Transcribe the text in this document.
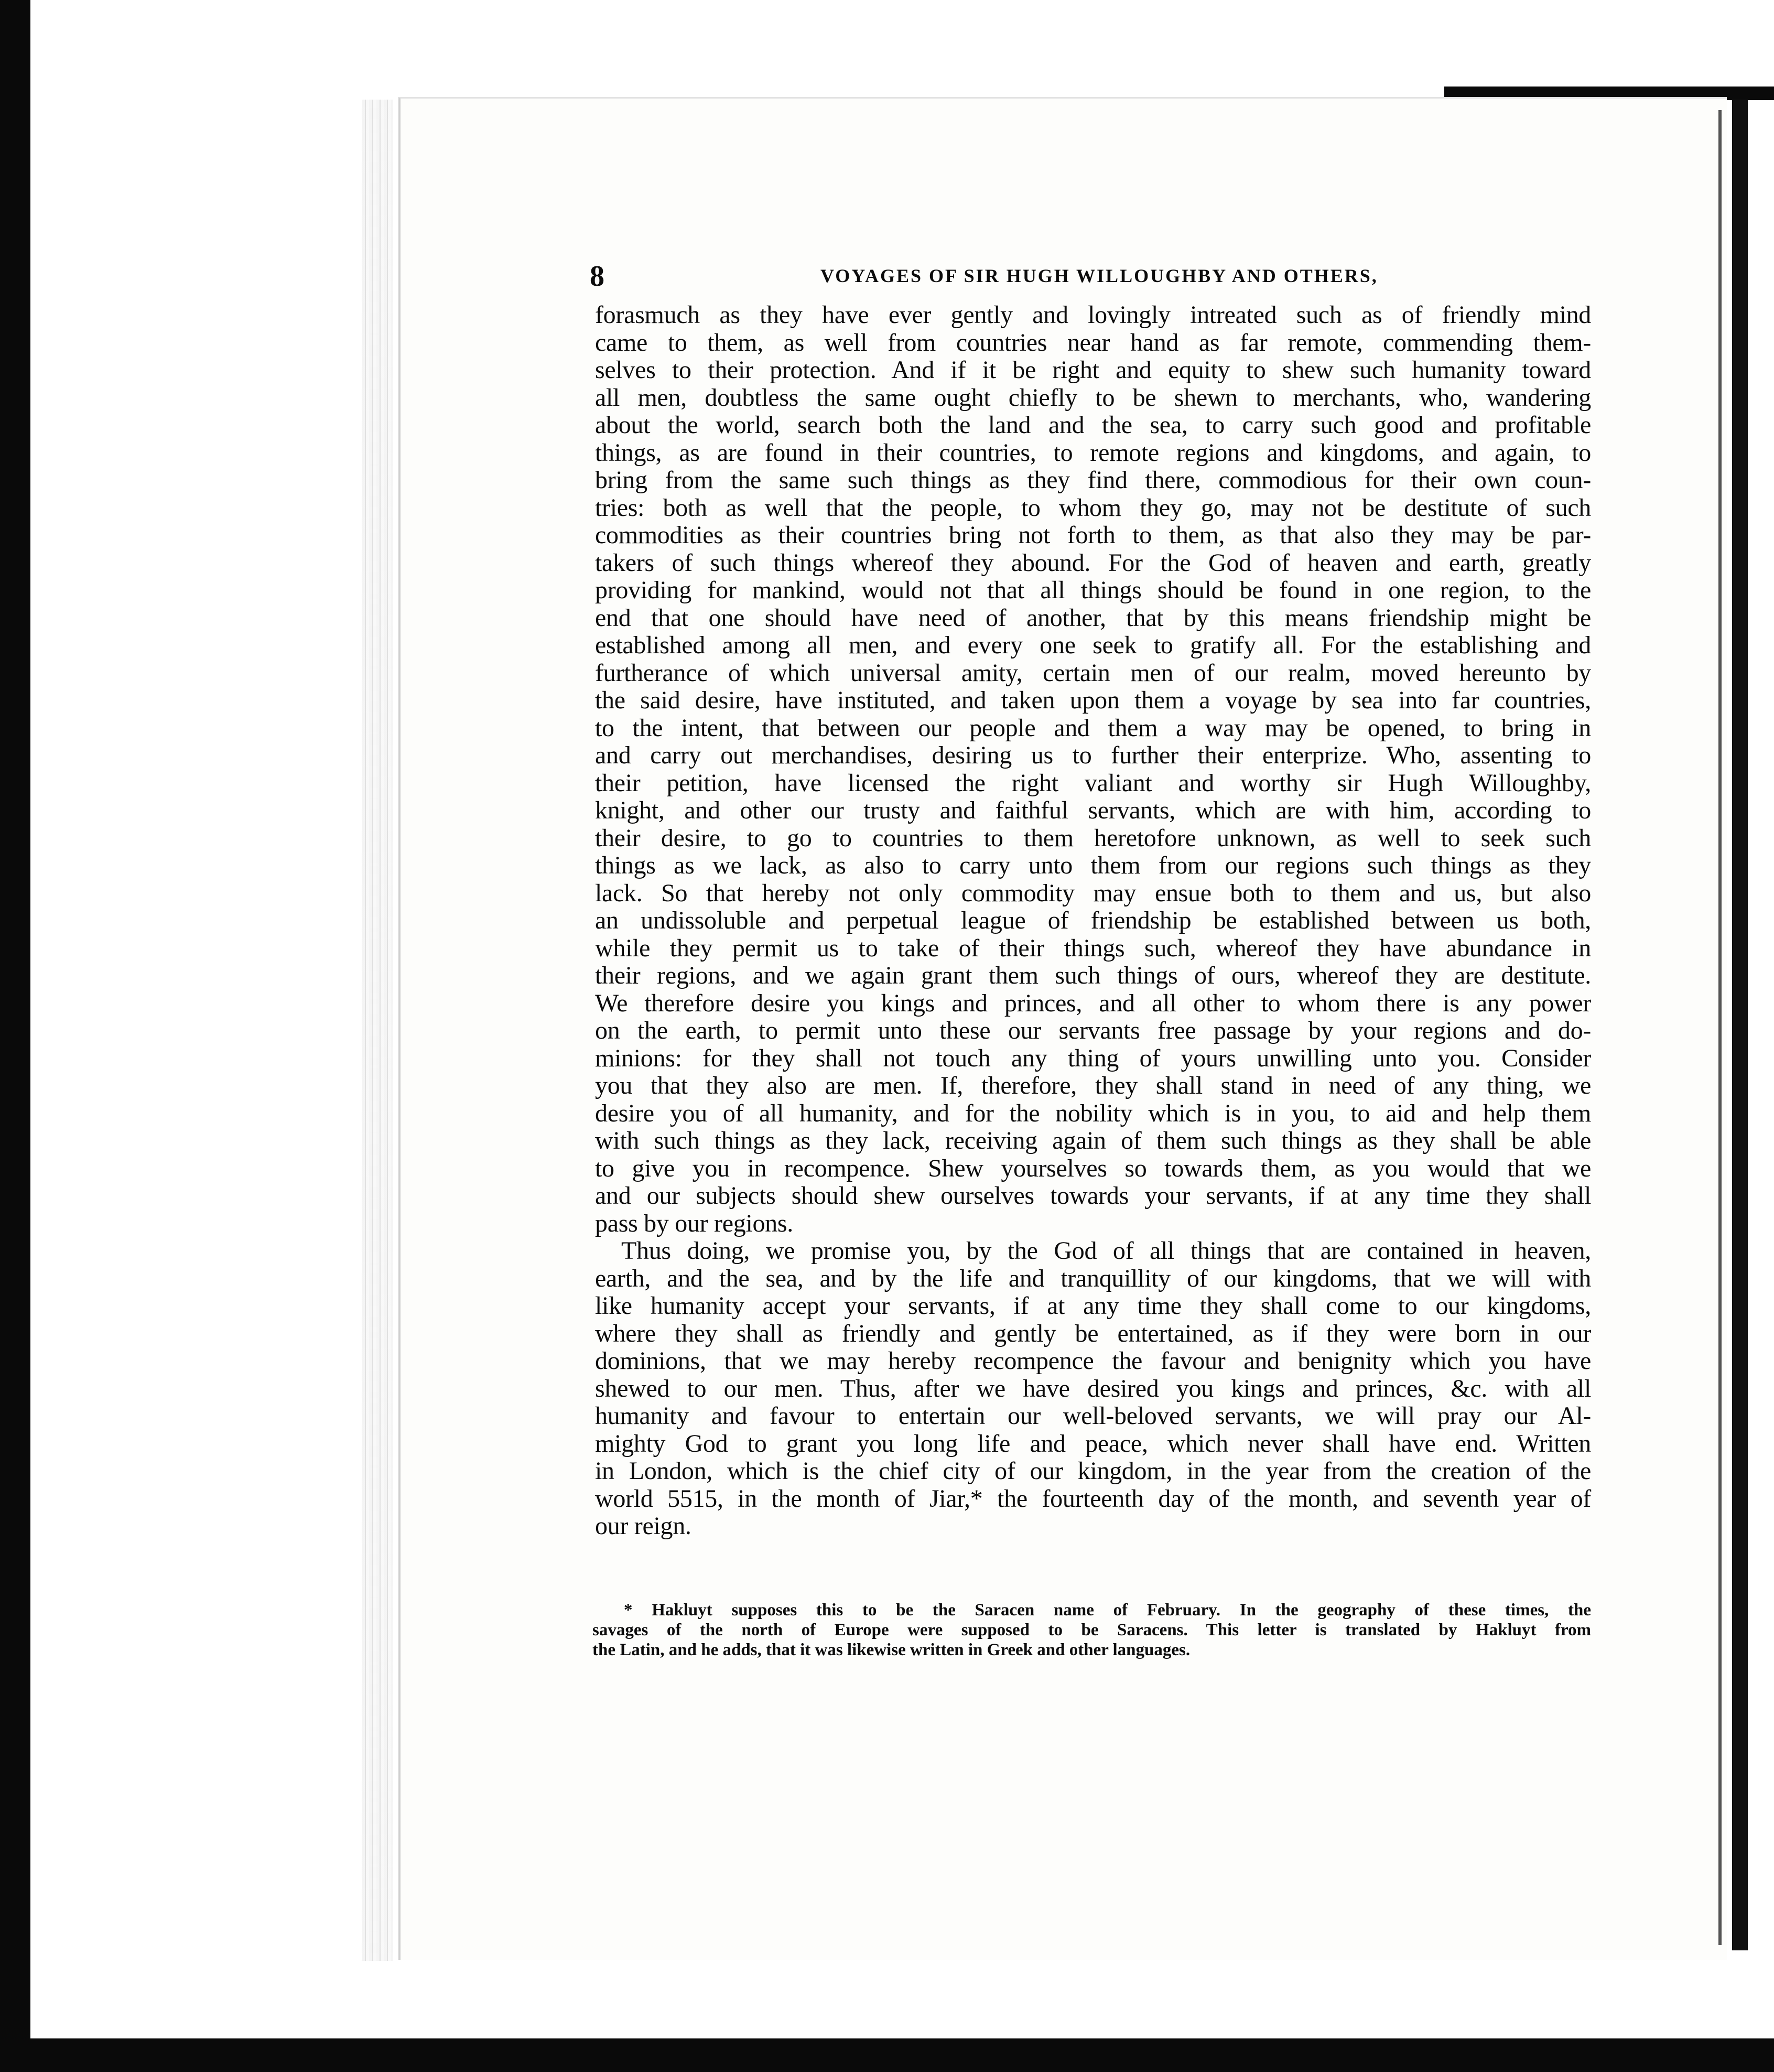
8	VOYAGES OF SIR HUGH WILLOUGHBY AND OTHERS,
forasmuch as they have ever gently and lovingly intreated such as of friendly mind
came to them, as well from countries near hand as far remote, commending them-
selves to their protection. And if it be right and equity to shew such humanity toward
all men, doubtless the same ought chiefly to be shewn to merchants, who, wandering
about the world, search both the land and the sea, to carry such good and profitable
things, as are found in their countries, to remote regions and kingdoms, and again, to
bring from the same such things as they find there, commodious for their own coun-
tries: both as well that the people, to whom they go, may not be destitute of such
commodities as their countries bring not forth to them, as that also they may be par-
takers of such things whereof they abound. For the God of heaven and earth, greatly
providing for mankind, would not that all things should be found in one region, to the
end that one should have need of another, that by this means friendship might be
established among all men, and every one seek to gratify all. For the establishing and
furtherance of which universal amity, certain men of our realm, moved hereunto by
the said desire, have instituted, and taken upon them a voyage by sea into far countries,
to the intent, that between our people and them a way may be opened, to bring in
and carry out merchandises, desiring us to further their enterprize. Who, assenting to
their petition, have licensed the right valiant and worthy sir Hugh Willoughby,
knight, and other our trusty and faithful servants, which are with him, according to
their desire, to go to countries to them heretofore unknown, as well to seek such
things as we lack, as also to carry unto them from our regions such things as they
lack. So that hereby not only commodity may ensue both to them and us, but also
an undissoluble and perpetual league of friendship be established between us both,
while they permit us to take of their things such, whereof they have abundance in
their regions, and we again grant them such things of ours, whereof they are destitute.
We therefore desire you kings and princes, and all other to whom there is any power
on the earth, to permit unto these our servants free passage by your regions and do-
minions: for they shall not touch any thing of yours unwilling unto you. Consider
you that they also are men. If, therefore, they shall stand in need of any thing, we
desire you of all humanity, and for the nobility which is in you, to aid and help them
with such things as they lack, receiving again of them such things as they shall be able
to give you in recompence. Shew yourselves so towards them, as you would that we
and our subjects should shew ourselves towards your servants, if at any time they shall
pass by our regions.
Thus doing, we promise you, by the God of all things that are contained in heaven,
earth, and the sea, and by the life and tranquillity of our kingdoms, that we will with
like humanity accept your servants, if at any time they shall come to our kingdoms,
where they shall as friendly and gently be entertained, as if they were born in our
dominions, that we may hereby recompence the favour and benignity which you have
shewed to our men. Thus, after we have desired you kings and princes, &c. with all
humanity and favour to entertain our well-beloved servants, we will pray our Al-
mighty God to grant you long life and peace, which never shall have end. Written
in London, which is the chief city of our kingdom, in the year from the creation of the
world 5515, in the month of Jiar,* the fourteenth day of the month, and seventh year of
our reign.
* Hakluyt supposes this to be the Saracen name of February. In the geography of these times, the
savages of the north of Europe were supposed to be Saracens. This letter is translated by Hakluyt from
the Latin, and he adds, that it was likewise written in Greek and other languages.
